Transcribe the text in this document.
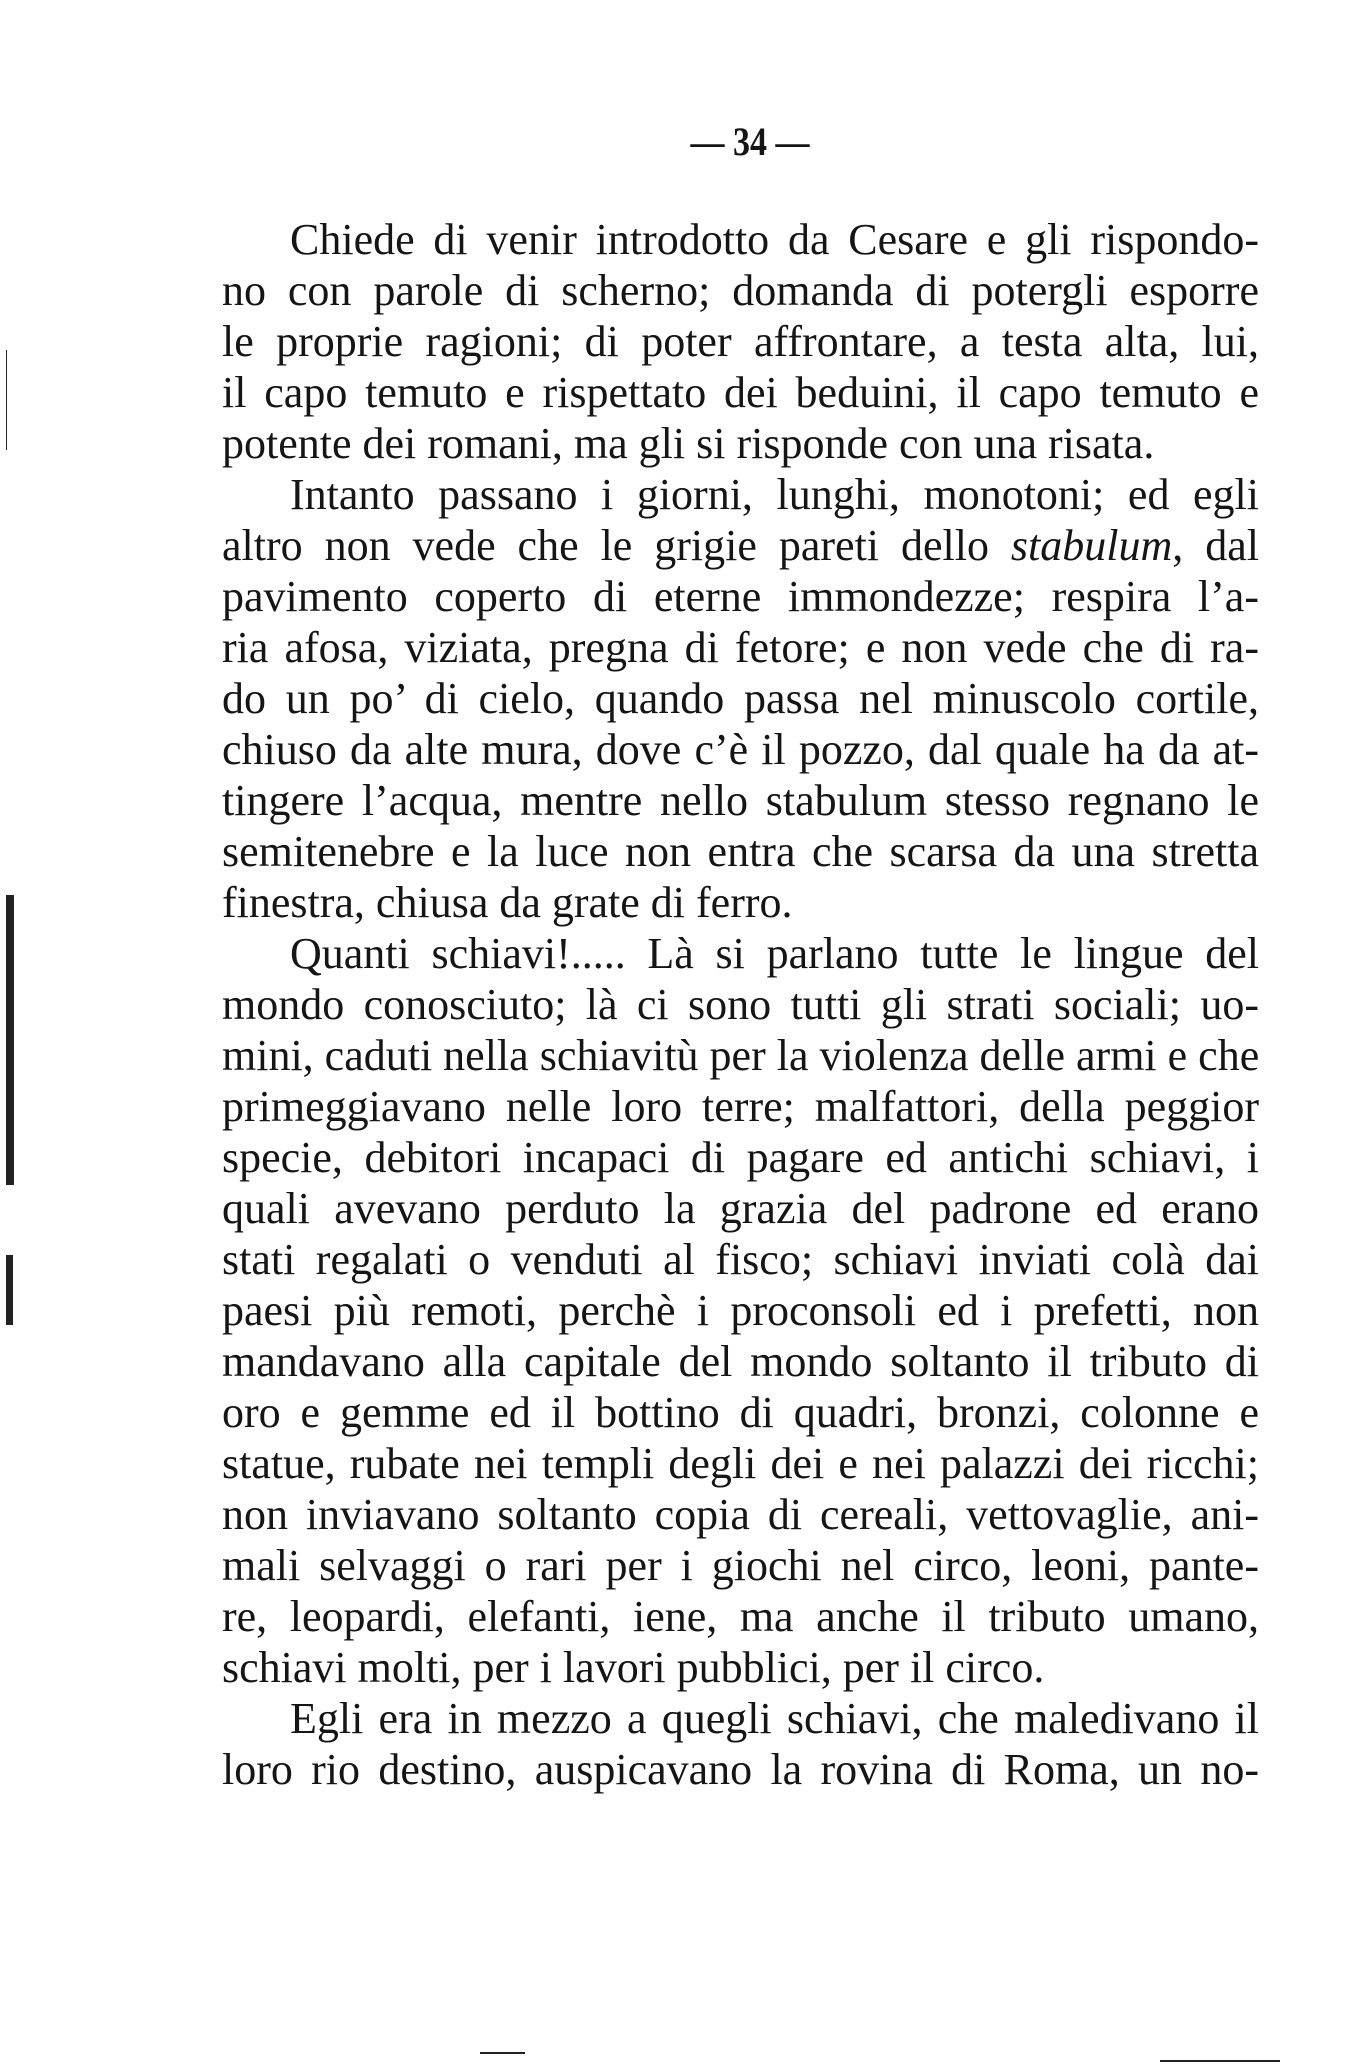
— 34 —
Chiede di venir introdotto da Cesare e gli rispondo-
no con parole di scherno; domanda di potergli esporre
le proprie ragioni; di poter affrontare, a testa alta, lui,
il capo temuto e rispettato dei beduini, il capo temuto e
potente dei romani, ma gli si risponde con una risata.
Intanto passano i giorni, lunghi, monotoni; ed egli
altro non vede che le grigie pareti dello stabulum, dal
pavimento coperto di eterne immondezze; respira l’a-
ria afosa, viziata, pregna di fetore; e non vede che di ra-
do un po’ di cielo, quando passa nel minuscolo cortile,
chiuso da alte mura, dove c’è il pozzo, dal quale ha da at-
tingere l’acqua, mentre nello stabulum stesso regnano le
semitenebre e la luce non entra che scarsa da una stretta
finestra, chiusa da grate di ferro.
Quanti schiavi!..... Là si parlano tutte le lingue del
mondo conosciuto; là ci sono tutti gli strati sociali; uo-
mini, caduti nella schiavitù per la violenza delle armi e che
primeggiavano nelle loro terre; malfattori, della peggior
specie, debitori incapaci di pagare ed antichi schiavi, i
quali avevano perduto la grazia del padrone ed erano
stati regalati o venduti al fisco; schiavi inviati colà dai
paesi più remoti, perchè i proconsoli ed i prefetti, non
mandavano alla capitale del mondo soltanto il tributo di
oro e gemme ed il bottino di quadri, bronzi, colonne e
statue, rubate nei templi degli dei e nei palazzi dei ricchi;
non inviavano soltanto copia di cereali, vettovaglie, ani-
mali selvaggi o rari per i giochi nel circo, leoni, pante-
re, leopardi, elefanti, iene, ma anche il tributo umano,
schiavi molti, per i lavori pubblici, per il circo.
Egli era in mezzo a quegli schiavi, che maledivano il
loro rio destino, auspicavano la rovina di Roma, un no-
